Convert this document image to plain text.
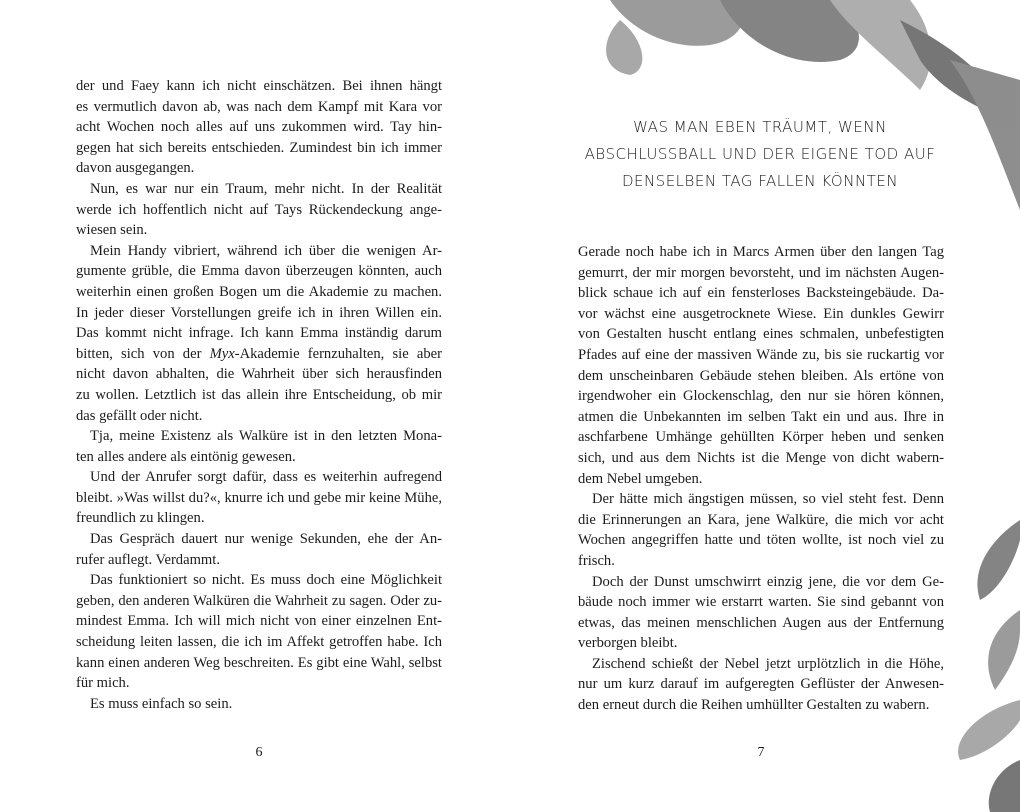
der und Faey kann ich nicht einschätzen. Bei ihnen hängt
es vermutlich davon ab, was nach dem Kampf mit Kara vor
acht Wochen noch alles auf uns zukommen wird. Tay hin-
gegen hat sich bereits entschieden. Zumindest bin ich immer
davon ausgegangen.
Nun, es war nur ein Traum, mehr nicht. In der Realität
werde ich hoffentlich nicht auf Tays Rückendeckung ange-
wiesen sein.
Mein Handy vibriert, während ich über die wenigen Ar-
gumente grüble, die Emma davon überzeugen könnten, auch
weiterhin einen großen Bogen um die Akademie zu machen.
In jeder dieser Vorstellungen greife ich in ihren Willen ein.
Das kommt nicht infrage. Ich kann Emma inständig darum
bitten, sich von der Myx-Akademie fernzuhalten, sie aber
nicht davon abhalten, die Wahrheit über sich herausfinden
zu wollen. Letztlich ist das allein ihre Entscheidung, ob mir
das gefällt oder nicht.
Tja, meine Existenz als Walküre ist in den letzten Mona-
ten alles andere als eintönig gewesen.
Und der Anrufer sorgt dafür, dass es weiterhin aufregend
bleibt. »Was willst du?«, knurre ich und gebe mir keine Mühe,
freundlich zu klingen.
Das Gespräch dauert nur wenige Sekunden, ehe der An-
rufer auflegt. Verdammt.
Das funktioniert so nicht. Es muss doch eine Möglichkeit
geben, den anderen Walküren die Wahrheit zu sagen. Oder zu-
mindest Emma. Ich will mich nicht von einer einzelnen Ent-
scheidung leiten lassen, die ich im Affekt getroffen habe. Ich
kann einen anderen Weg beschreiten. Es gibt eine Wahl, selbst
für mich.
Es muss einfach so sein.
6
WAS MAN EBEN TRÄUMT, WENN
ABSCHLUSSBALL UND DER EIGENE TOD AUF
DENSELBEN TAG FALLEN KÖNNTEN
Gerade noch habe ich in Marcs Armen über den langen Tag
gemurrt, der mir morgen bevorsteht, und im nächsten Augen-
blick schaue ich auf ein fensterloses Backsteingebäude. Da-
vor wächst eine ausgetrocknete Wiese. Ein dunkles Gewirr
von Gestalten huscht entlang eines schmalen, unbefestigten
Pfades auf eine der massiven Wände zu, bis sie ruckartig vor
dem unscheinbaren Gebäude stehen bleiben. Als ertöne von
irgendwoher ein Glockenschlag, den nur sie hören können,
atmen die Unbekannten im selben Takt ein und aus. Ihre in
aschfarbene Umhänge gehüllten Körper heben und senken
sich, und aus dem Nichts ist die Menge von dicht wabern-
dem Nebel umgeben.
Der hätte mich ängstigen müssen, so viel steht fest. Denn
die Erinnerungen an Kara, jene Walküre, die mich vor acht
Wochen angegriffen hatte und töten wollte, ist noch viel zu
frisch.
Doch der Dunst umschwirrt einzig jene, die vor dem Ge-
bäude noch immer wie erstarrt warten. Sie sind gebannt von
etwas, das meinen menschlichen Augen aus der Entfernung
verborgen bleibt.
Zischend schießt der Nebel jetzt urplötzlich in die Höhe,
nur um kurz darauf im aufgeregten Geflüster der Anwesen-
den erneut durch die Reihen umhüllter Gestalten zu wabern.
7
